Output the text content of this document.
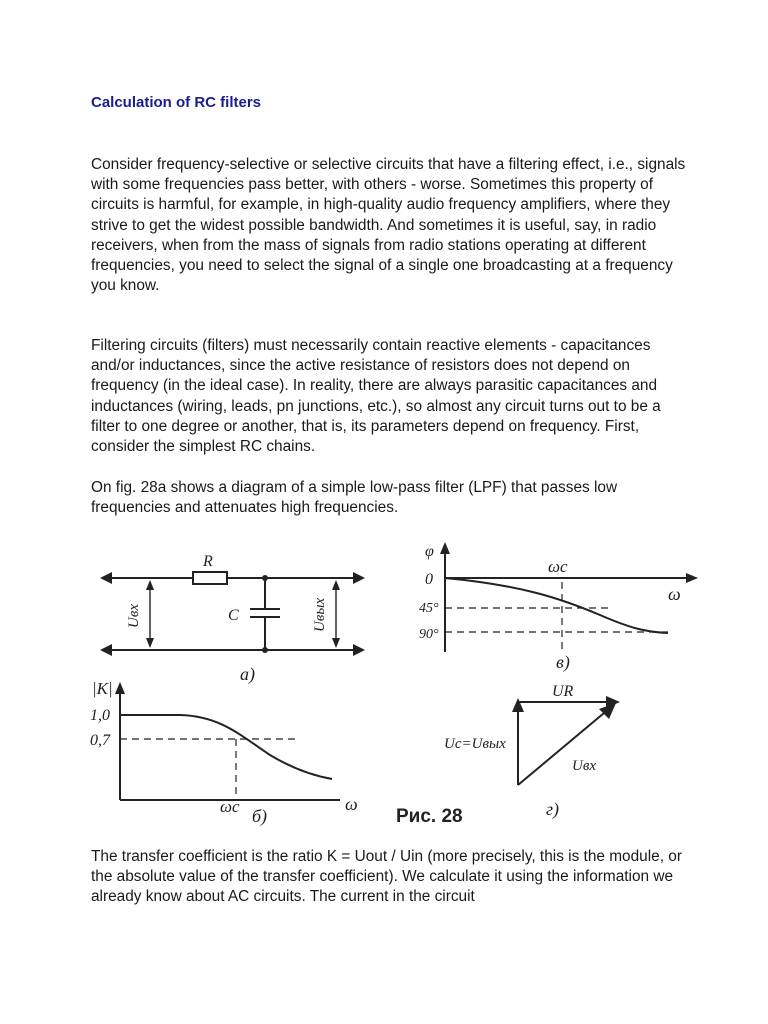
Calculation of RC filters

Consider frequency-selective or selective circuits that have a filtering effect, i.e., signals with some frequencies pass better, with others - worse. Sometimes this property of circuits is harmful, for example, in high-quality audio frequency amplifiers, where they strive to get the widest possible bandwidth. And sometimes it is useful, say, in radio receivers, when from the mass of signals from radio stations operating at different frequencies, you need to select the signal of a single one broadcasting at a frequency you know.

Filtering circuits (filters) must necessarily contain reactive elements - capacitances and/or inductances, since the active resistance of resistors does not depend on frequency (in the ideal case). In reality, there are always parasitic capacitances and inductances (wiring, leads, pn junctions, etc.), so almost any circuit turns out to be a filter to one degree or another, that is, its parameters depend on frequency. First, consider the simplest RC chains.

On fig. 28a shows a diagram of a simple low-pass filter (LPF) that passes low frequencies and attenuates high frequencies.

The transfer coefficient is the ratio K = Uout / Uin (more precisely, this is the module, or the absolute value of the transfer coefficient). We calculate it using the information we already know about AC circuits. The current in the circuit

R
C
Uвх	Uвых
а)
φ
0
45°
90°
ωc
ω
в)
|K|
1,0
0,7
ωc	ω
б)	Рис. 28
UR
Uc=Uвых
Uвх
г)
